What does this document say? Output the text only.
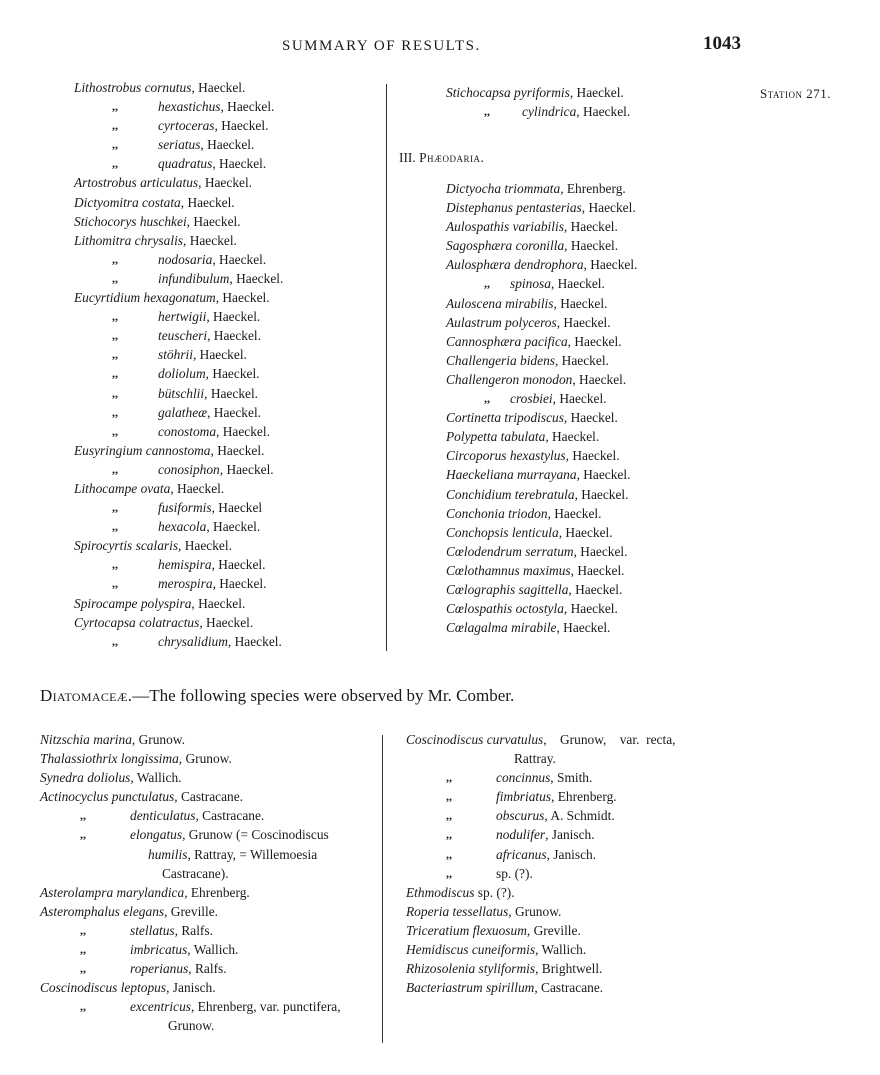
SUMMARY OF RESULTS.	1043
Station 271.
Lithostrobus cornutus, Haeckel.
,,	hexastichus, Haeckel.
,,	cyrtoceras, Haeckel.
,,	seriatus, Haeckel.
,,	quadratus, Haeckel.
Artostrobus articulatus, Haeckel.
Dictyomitra costata, Haeckel.
Stichocorys huschkei, Haeckel.
Lithomitra chrysalis, Haeckel.
,,	nodosaria, Haeckel.
,,	infundibulum, Haeckel.
Eucyrtidium hexagonatum, Haeckel.
,,	hertwigii, Haeckel.
,,	teuscheri, Haeckel.
,,	stöhrii, Haeckel.
,,	doliolum, Haeckel.
,,	bütschlii, Haeckel.
,,	galatheæ, Haeckel.
,,	conostoma, Haeckel.
Eusyringium cannostoma, Haeckel.
,,	conosiphon, Haeckel.
Lithocampe ovata, Haeckel.
,,	fusiformis, Haeckel
,,	hexacola, Haeckel.
Spirocyrtis scalaris, Haeckel.
,,	hemispira, Haeckel.
,,	merospira, Haeckel.
Spirocampe polyspira, Haeckel.
Cyrtocapsa colatractus, Haeckel.
,,	chrysalidium, Haeckel.
Stichocapsa pyriformis, Haeckel.
,,	cylindrica, Haeckel.
III. Phæodaria.
Dictyocha triommata, Ehrenberg.
Distephanus pentasterias, Haeckel.
Aulospathis variabilis, Haeckel.
Sagosphæra coronilla, Haeckel.
Aulosphæra dendrophora, Haeckel.
,,	spinosa, Haeckel.
Auloscena mirabilis, Haeckel.
Aulastrum polyceros, Haeckel.
Cannosphæra pacifica, Haeckel.
Challengeria bidens, Haeckel.
Challengeron monodon, Haeckel.
,,	crosbiei, Haeckel.
Cortinetta tripodiscus, Haeckel.
Polypetta tabulata, Haeckel.
Circoporus hexastylus, Haeckel.
Haeckeliana murrayana, Haeckel.
Conchidium terebratula, Haeckel.
Conchonia triodon, Haeckel.
Conchopsis lenticula, Haeckel.
Cœlodendrum serratum, Haeckel.
Cœlothamnus maximus, Haeckel.
Cœlographis sagittella, Haeckel.
Cœlospathis octostyla, Haeckel.
Cœlagalma mirabile, Haeckel.
Diatomaceæ.—The following species were observed by Mr. Comber.
Nitzschia marina, Grunow.
Thalassiothrix longissima, Grunow.
Synedra doliolus, Wallich.
Actinocyclus punctulatus, Castracane.
,,	denticulatus, Castracane.
,,	elongatus, Grunow (= Coscinodiscus
humilis, Rattray, = Willemoesia
Castracane).
Asterolampra marylandica, Ehrenberg.
Asteromphalus elegans, Greville.
,,	stellatus, Ralfs.
,,	imbricatus, Wallich.
,,	roperianus, Ralfs.
Coscinodiscus leptopus, Janisch.
,,	excentricus, Ehrenberg, var. punctifera,
Grunow.
Coscinodiscus curvatulus,    Grunow,    var.  recta,
Rattray.
,,	concinnus, Smith.
,,	fimbriatus, Ehrenberg.
,,	obscurus, A. Schmidt.
,,	nodulifer, Janisch.
,,	africanus, Janisch.
,,	sp. (?).
Ethmodiscus sp. (?).
Roperia tessellatus, Grunow.
Triceratium flexuosum, Greville.
Hemidiscus cuneiformis, Wallich.
Rhizosolenia styliformis, Brightwell.
Bacteriastrum spirillum, Castracane.
